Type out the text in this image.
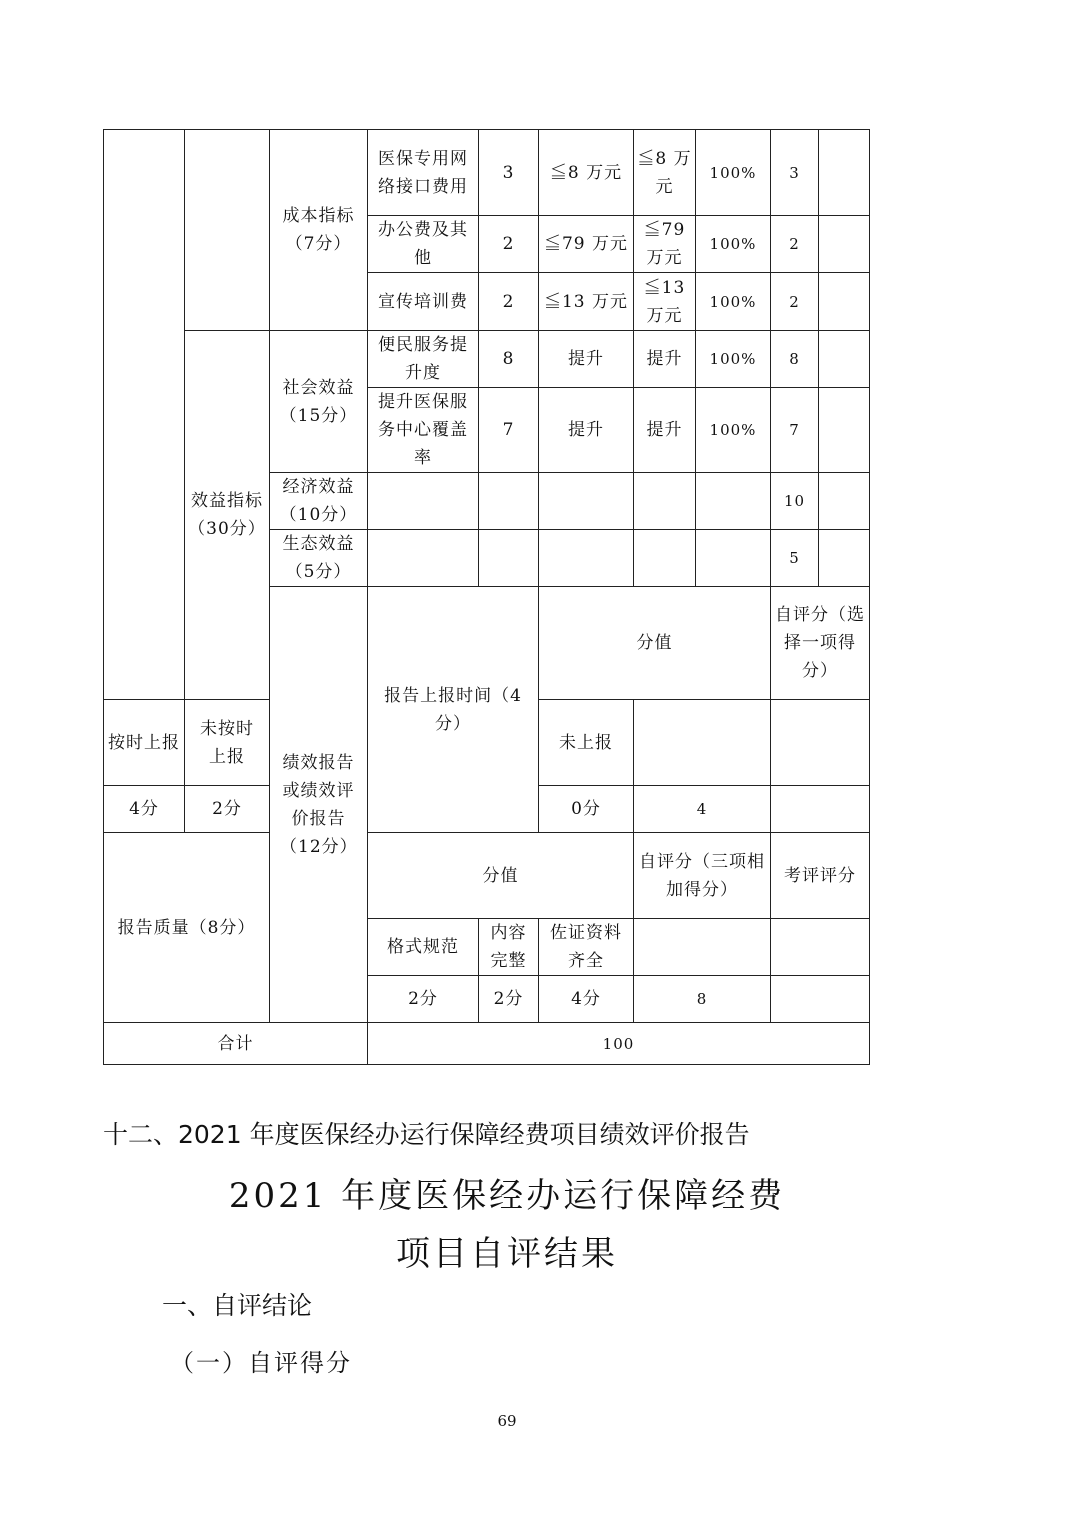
		成本指标（7分）	医保专用网络接口费用	3	≦8 万元	≦8 万元	100%	3		
			办公费及其他	2	≦79 万元	≦79 万元	100%	2		
			宣传培训费	2	≦13 万元	≦13 万元	100%	2		
	效益指标（30分）	社会效益（15分）	便民服务提升度	8	提升	提升	100%	8		
			提升医保服务中心覆盖率	7	提升	提升	100%	7		
		经济效益（10分）						10		
		生态效益（5分）						5		
		绩效报告或绩效评价报告（12分）	报告上报时间（4分）		分值			自评分（选择一项得分）		
按时上报	未按时上报				未上报					
4分	2分				0分	4				
报告质量（8分）			分值			自评分（三项相加得分）		考评评分		
			格式规范	内容完整	佐证资料齐全					
			2分	2分	4分	8				
合计			100							
十二、2021 年度医保经办运行保障经费项目绩效评价报告
2021 年度医保经办运行保障经费
项目自评结果
一、自评结论
（一）自评得分
69
